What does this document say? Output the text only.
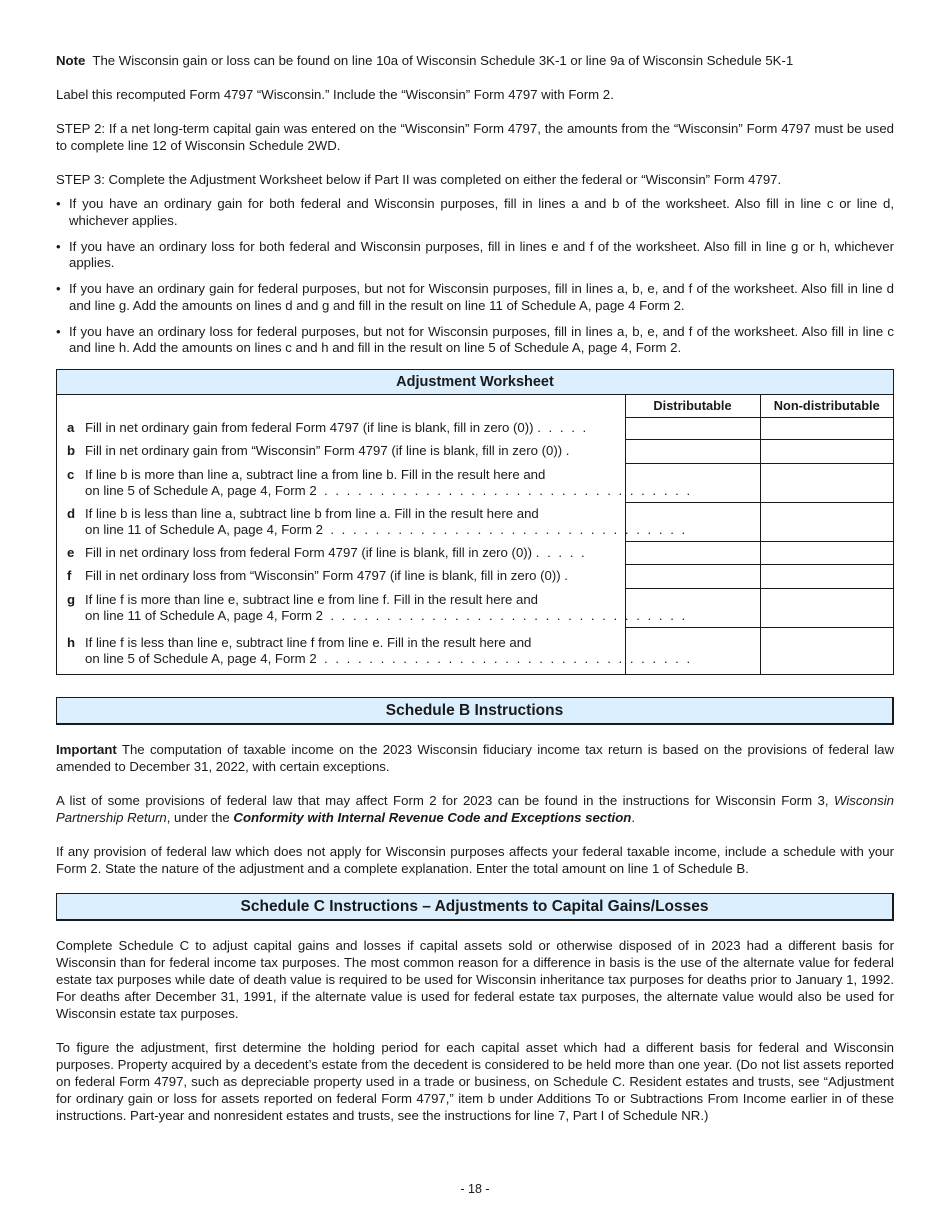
Note The Wisconsin gain or loss can be found on line 10a of Wisconsin Schedule 3K-1 or line 9a of Wisconsin Schedule 5K-1

Label this recomputed Form 4797 “Wisconsin.” Include the “Wisconsin” Form 4797 with Form 2.

STEP 2: If a net long-term capital gain was entered on the “Wisconsin” Form 4797, the amounts from the “Wisconsin” Form 4797 must be used to complete line 12 of Wisconsin Schedule 2WD.

STEP 3: Complete the Adjustment Worksheet below if Part II was completed on either the federal or “Wisconsin” Form 4797.

• If you have an ordinary gain for both federal and Wisconsin purposes, fill in lines a and b of the worksheet. Also fill in line c or line d, whichever applies.
• If you have an ordinary loss for both federal and Wisconsin purposes, fill in lines e and f of the worksheet. Also fill in line g or h, whichever applies.
• If you have an ordinary gain for federal purposes, but not for Wisconsin purposes, fill in lines a, b, e, and f of the worksheet. Also fill in line d and line g. Add the amounts on lines d and g and fill in the result on line 11 of Schedule A, page 4 Form 2.
• If you have an ordinary loss for federal purposes, but not for Wisconsin purposes, fill in lines a, b, e, and f of the worksheet. Also fill in line c and line h. Add the amounts on lines c and h and fill in the result on line 5 of Schedule A, page 4, Form 2.
Adjustment Worksheet
	Distributable	Non-distributable

a Fill in net ordinary gain from federal Form 4797 (if line is blank, fill in zero (0)) . . . . .		

b Fill in net ordinary gain from “Wisconsin” Form 4797 (if line is blank, fill in zero (0)) .		

c If line b is more than line a, subtract line a from line b. Fill in the result here and
on line 5 of Schedule A, page 4, Form 2 . . . . . . . . . . . . . . . . . . . . . . . . . . . . . . . . .		

d If line b is less than line a, subtract line b from line a. Fill in the result here and
on line 11 of Schedule A, page 4, Form 2 . . . . . . . . . . . . . . . . . . . . . . . . . . . . . . . .		

e Fill in net ordinary loss from federal Form 4797 (if line is blank, fill in zero (0)) . . . . .		

f Fill in net ordinary loss from “Wisconsin” Form 4797 (if line is blank, fill in zero (0)) .		

g If line f is more than line e, subtract line e from line f. Fill in the result here and
on line 11 of Schedule A, page 4, Form 2 . . . . . . . . . . . . . . . . . . . . . . . . . . . . . . . .		

h If line f is less than line e, subtract line f from line e. Fill in the result here and
on line 5 of Schedule A, page 4, Form 2 . . . . . . . . . . . . . . . . . . . . . . . . . . . . . . . . .		

Schedule B Instructions

Important The computation of taxable income on the 2023 Wisconsin fiduciary income tax return is based on the provisions of federal law amended to December 31, 2022, with certain exceptions.

A list of some provisions of federal law that may affect Form 2 for 2023 can be found in the instructions for Wisconsin Form 3, Wisconsin Partnership Return, under the Conformity with Internal Revenue Code and Exceptions section.

If any provision of federal law which does not apply for Wisconsin purposes affects your federal taxable income, include a schedule with your Form 2. State the nature of the adjustment and a complete explanation. Enter the total amount on line 1 of Schedule B.

Schedule C Instructions – Adjustments to Capital Gains/Losses

Complete Schedule C to adjust capital gains and losses if capital assets sold or otherwise disposed of in 2023 had a different basis for Wisconsin than for federal income tax purposes. The most common reason for a difference in basis is the use of the alternate value for federal estate tax purposes while date of death value is required to be used for Wisconsin inheritance tax purposes for deaths prior to January 1, 1992. For deaths after December 31, 1991, if the alternate value is used for federal estate tax purposes, the alternate value would also be used for Wisconsin estate tax purposes.

To figure the adjustment, first determine the holding period for each capital asset which had a different basis for federal and Wisconsin purposes. Property acquired by a decedent’s estate from the decedent is considered to be held more than one year. (Do not list assets reported on federal Form 4797, such as depreciable property used in a trade or business, on Schedule C. Resident estates and trusts, see “Adjustment for ordinary gain or loss for assets reported on federal Form 4797,” item b under Additions To or Subtractions From Income earlier in of these instructions. Part-year and nonresident estates and trusts, see the instructions for line 7, Part I of Schedule NR.)

- 18 -
